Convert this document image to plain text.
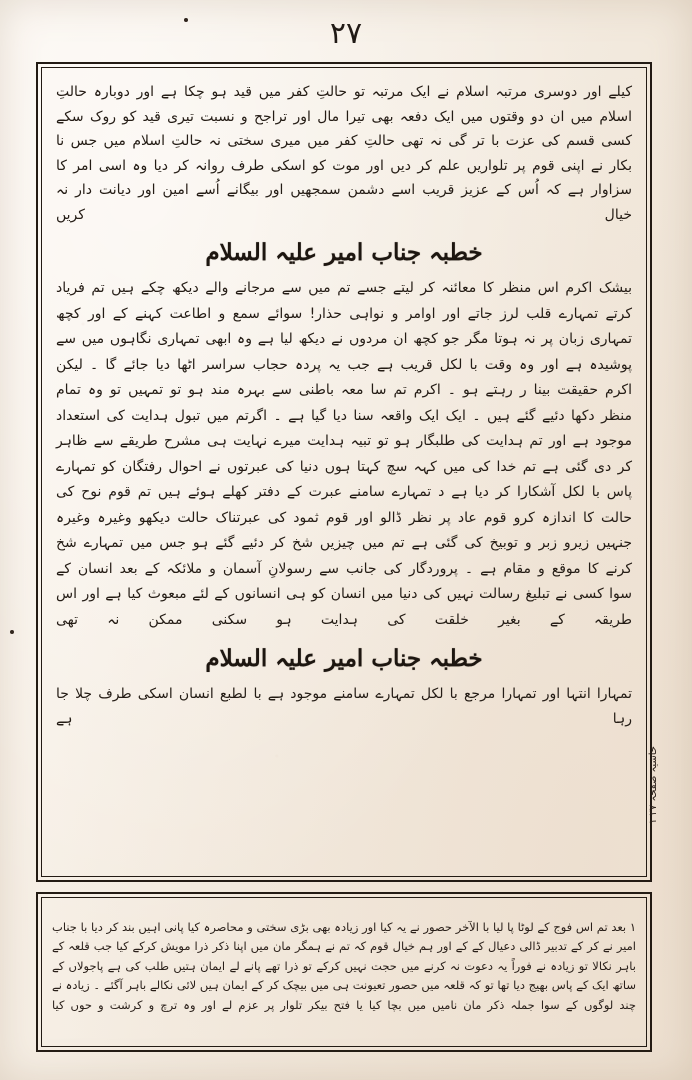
۲۷

کیلے اور دوسری مرتبہ اسلام نے ایک مرتبہ تو حالتِ کفر میں قید ہو چکا ہے اور دوبارہ حالتِ اسلام میں ان دو وقتوں میں ایک دفعہ بھی تیرا مال اور تراجح و نسبت تیری قید کو روک سکے کسی قسم کی عزت با تر گی نہ تھی حالتِ کفر میں میری سختی نہ حالتِ اسلام میں جس نا بکار نے اپنی قوم پر تلواریں علم کر دیں اور موت کو اسکی طرف روانہ کر دیا وہ اسی امر کا سزاوار ہے کہ اُس کے عزیز قریب اسے دشمن سمجھیں اور بیگانے اُسے امین اور دیانت دار نہ خیال کریں

خطبہ جناب امیر علیہ السلام

بیشک اکرم اس منظر کا معائنہ کر لیتے جسے تم میں سے مرجانے والے دیکھ چکے ہیں تم فریاد کرتے تمہارے قلب لرز جاتے اور اوامر و نواہی حذار! سوائے سمع و اطاعت کہنے کے اور کچھ تمہاری زبان پر نہ ہوتا مگر جو کچھ ان مردوں نے دیکھ لیا ہے وہ ابھی تمہاری نگاہوں میں سے پوشیدہ ہے اور وہ وقت با لکل قریب ہے جب یہ پردہ حجاب سراسر اٹھا دیا جائے گا ۔ لیکن اکرم حقیقت بینا ر رہتے ہو ۔ اکرم تم سا معہ باطنی سے بہرہ مند ہو تو تمہیں تو وہ تمام منظر دکھا دئیے گئے ہیں ۔ ایک ایک واقعہ سنا دیا گیا ہے ۔ اگرتم میں تبول ہدایت کی استعداد موجود ہے اور تم ہدایت کی طلبگار ہو تو تبیہ ہدایت میرے نہایت ہی مشرح طریقے سے ظاہر کر دی گئی ہے تم خدا کی میں کہہ سچ کہتا ہوں دنیا کی عبرتوں نے احوال رفتگان کو تمہارے پاس با لکل آشکارا کر دیا ہے د تمہارے سامنے عبرت کے دفتر کھلے ہوئے ہیں تم قوم نوح کی حالت کا اندازہ کرو قوم عاد پر نظر ڈالو اور قوم ثمود کی عبرتناک حالت دیکھو وغیرہ وغیرہ جنہیں زیرو زبر و توبیخ کی گئی ہے تم میں چیزیں شخ کر دئیے گئے ہو جس میں تمہارے شخ کرنے کا موقع و مقام ہے ۔ پروردگار کی جانب سے رسولانِ آسمان و ملائکہ کے بعد انسان کے سوا کسی نے تبلیغ رسالت نہیں کی دنیا میں انسان کو ہی انسانوں کے لئے مبعوث کیا ہے اور اس طریقہ کے بغیر خلقت کی ہدایت ہو سکنی ممکن نہ تھی

خطبہ جناب امیر علیہ السلام

تمہارا انتہا اور تمہارا مرجع با لکل تمہارے سامنے موجود ہے با لطبع انسان اسکی طرف چلا جا رہا ہے

۱ بعد تم اس فوج کے لوٹا پا لیا با الآخر حصور نے یہ کیا اور زیادہ بھی بڑی سختی و محاصرہ کیا پانی اہیں بند کر دیا با جناب امیر نے کر کے تدبیر ڈالی دعیال کے کے اور ہم خیال قوم کہ تم نے ہمگر مان میں اپنا ذکر ذرا مویش کرکے کیا جب قلعہ کے باہر نکالا تو زیادہ نے فوراً یہ دعوت نہ کرنے میں حجت نہیں کرکے تو ذرا تھے پانے لے ایمان ہتیں طلب کی ہے پاجولاں کے ساتھ ایک کے پاس بھیج دیا تھا تو کہ قلعہ میں حصور تعیونت ہی میں بیچک کر کے ایمان ہیں لائی نکالے باہر آگئے ۔ زیادہ نے چند لوگوں کے سوا جملہ ذکر مان نامیں میں بچا کیا یا فتح بیکر تلوار پر عزم لے اور وہ ترچ و کرشت و حوں کیا

حاشیہ صفحہ ۲۷ ۱
